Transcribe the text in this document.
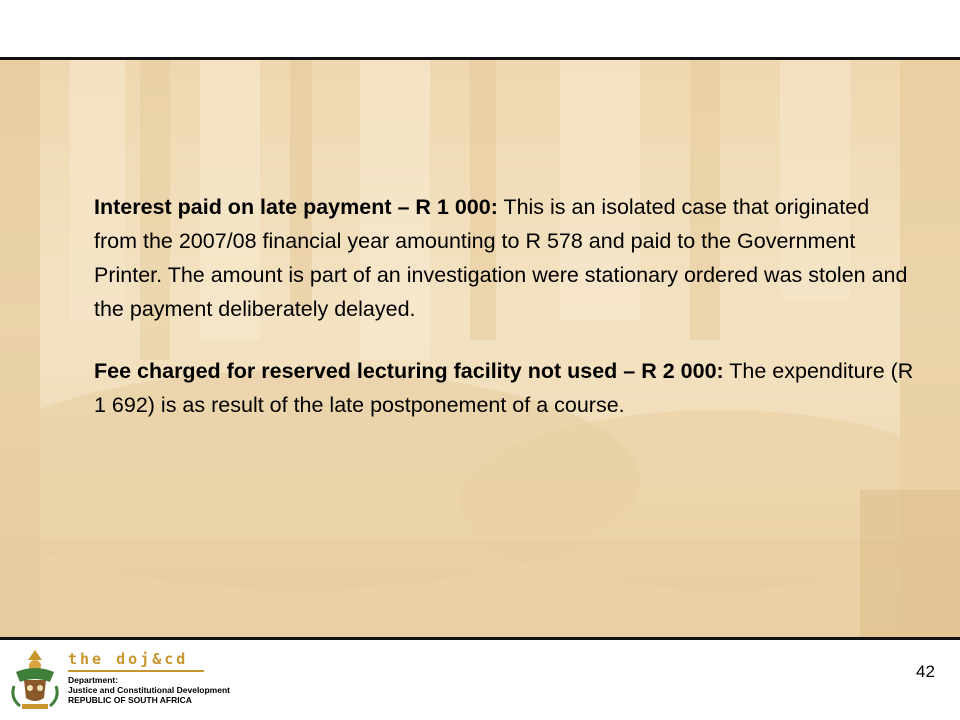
Interest paid on late payment – R 1 000: This is an isolated case that originated from the 2007/08 financial year amounting to R 578 and paid to the Government Printer. The amount is part of an investigation were stationary ordered was stolen and the payment deliberately delayed.

Fee charged for reserved lecturing facility not used – R 2 000: The expenditure (R 1 692) is as result of the late postponement of a course.

the doj&cd
Department:
Justice and Constitutional Development
REPUBLIC OF SOUTH AFRICA
42
